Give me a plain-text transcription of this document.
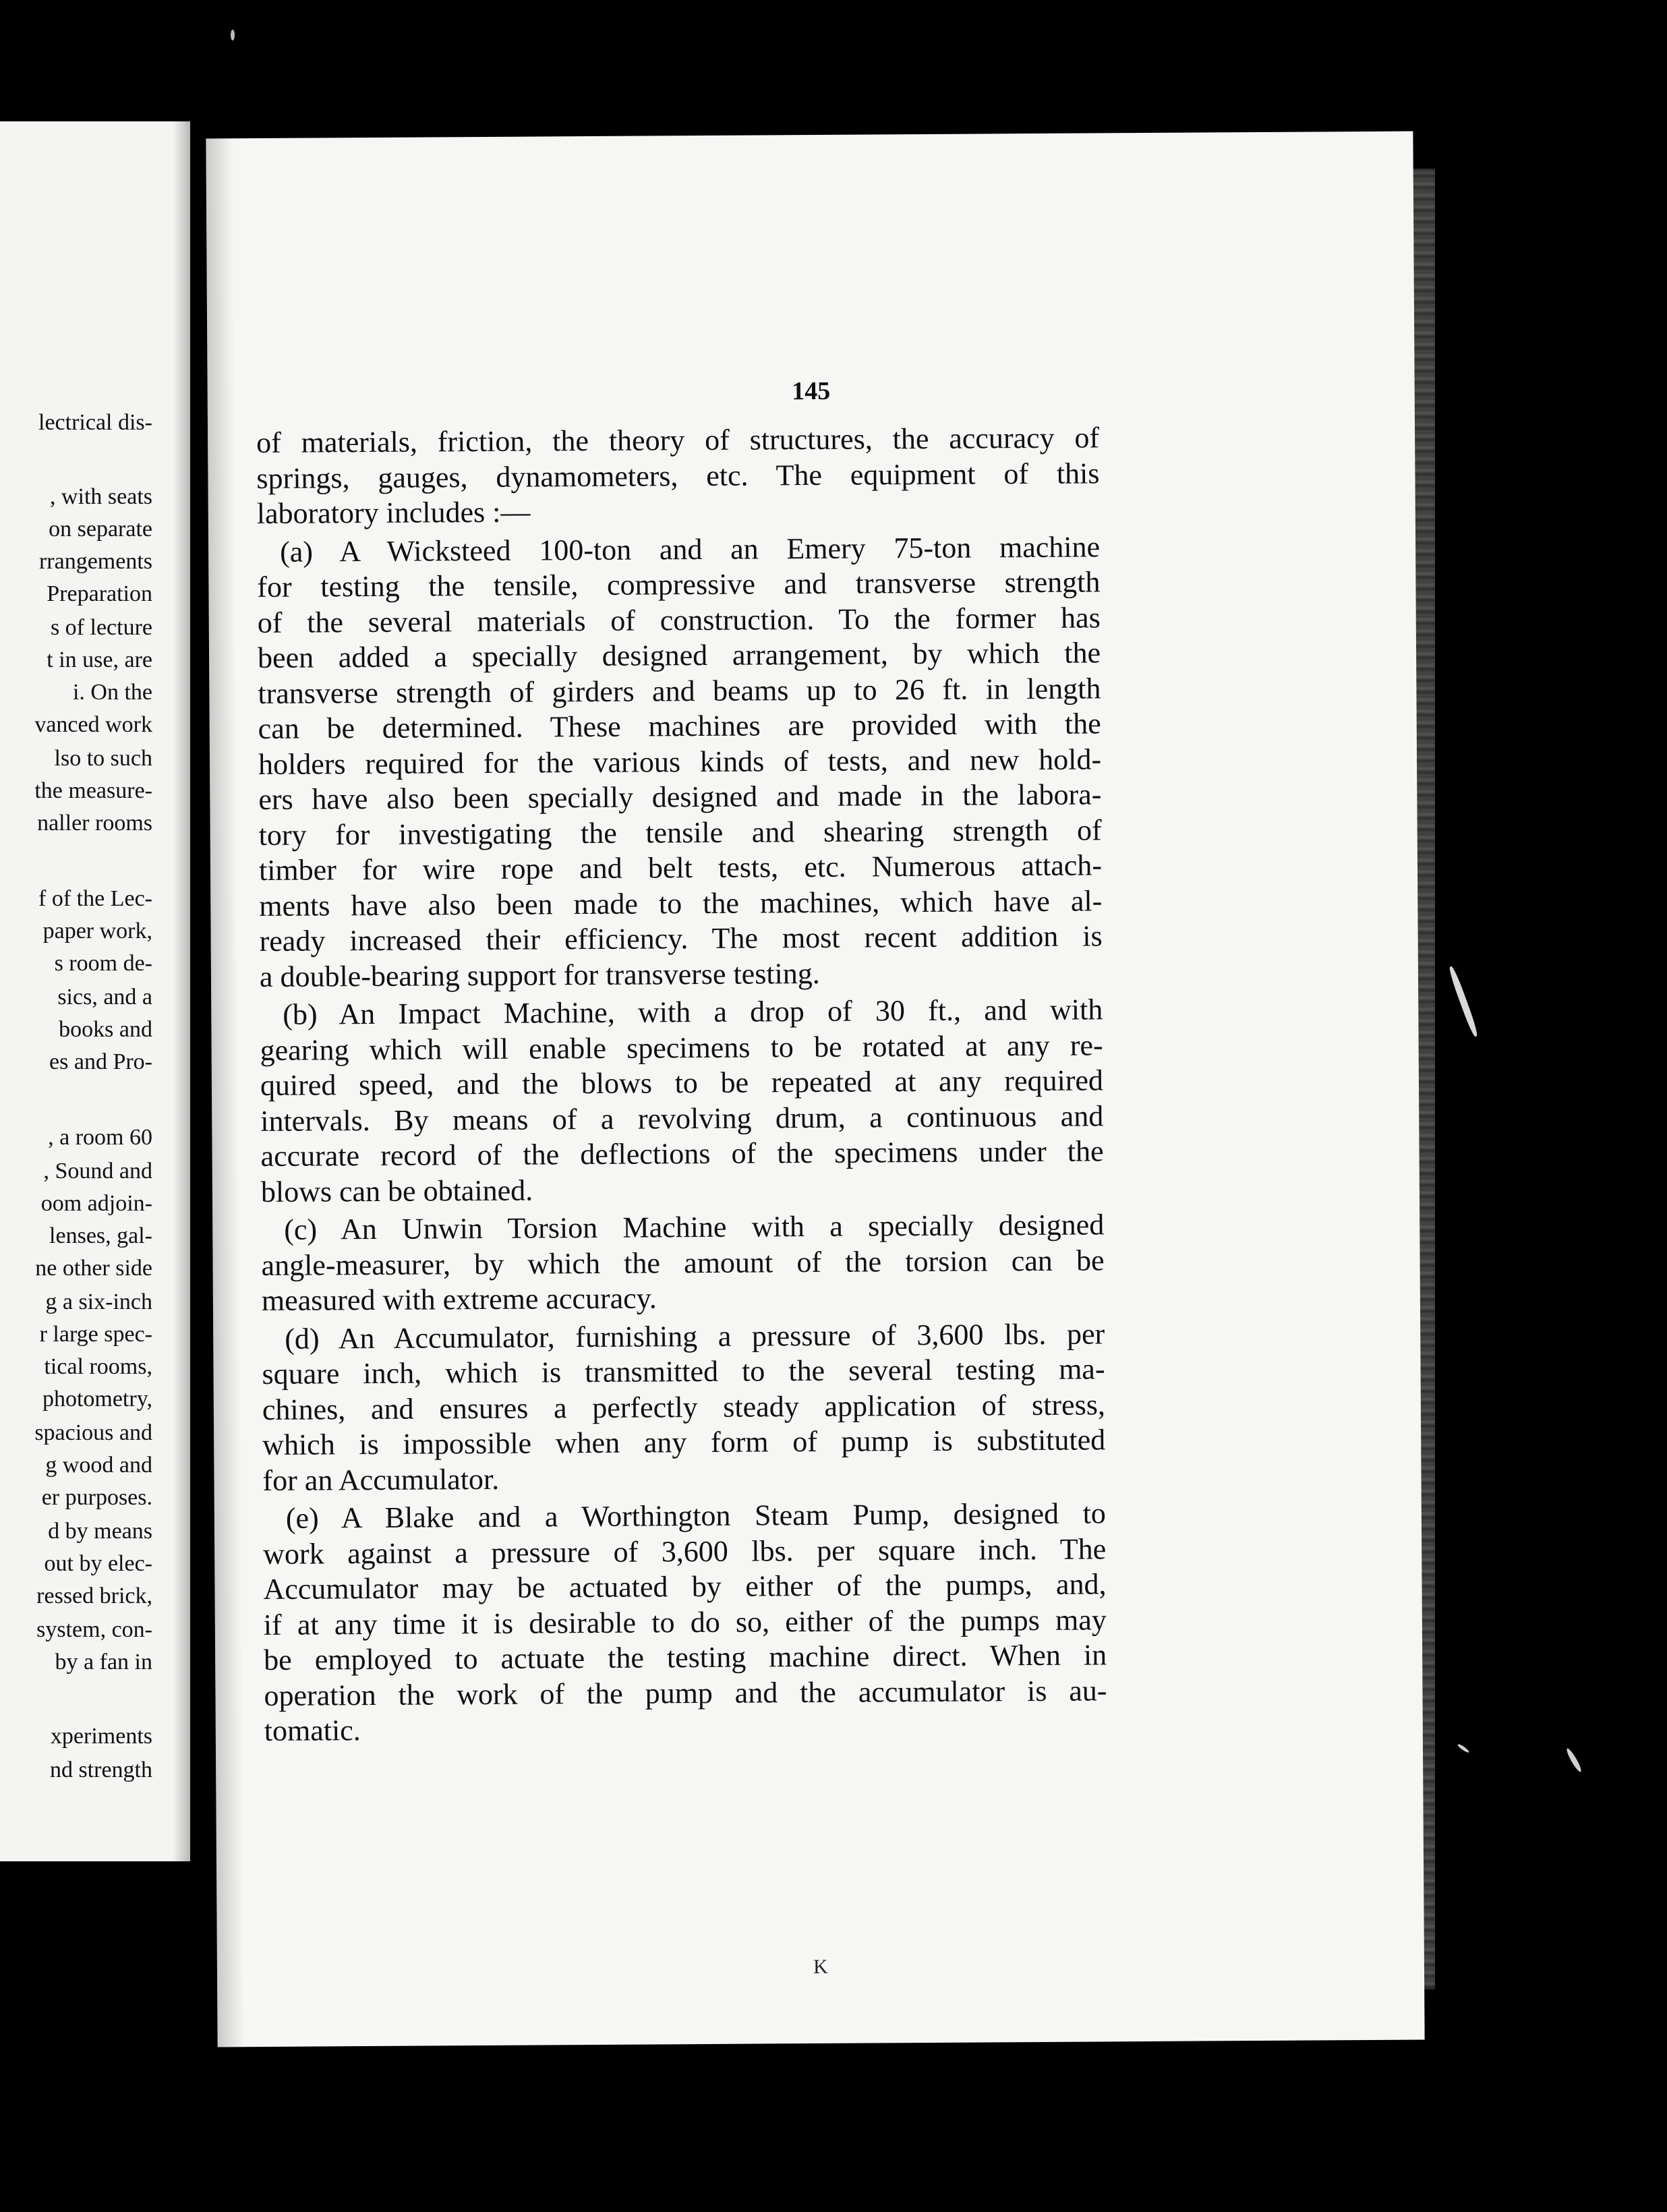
lectrical dis-
, with seats
on separate
rrangements
Preparation
s of lecture
t in use, are
i. On the
vanced work
lso to such
the measure-
naller rooms
f of the Lec-
paper work,
s room de-
sics, and a
books and
es and Pro-
, a room 60
, Sound and
oom adjoin-
lenses, gal-
ne other side
g a six-inch
r large spec-
tical rooms,
photometry,
spacious and
g wood and
er purposes.
d by means
out by elec-
ressed brick,
system, con-
by a fan in
xperiments
nd strength
145
of materials, friction, the theory of structures, the accuracy of
springs, gauges, dynamometers, etc. The equipment of this
laboratory includes :—
(a) A Wicksteed 100-ton and an Emery 75-ton machine
for testing the tensile, compressive and transverse strength
of the several materials of construction. To the former has
been added a specially designed arrangement, by which the
transverse strength of girders and beams up to 26 ft. in length
can be determined. These machines are provided with the
holders required for the various kinds of tests, and new hold-
ers have also been specially designed and made in the labora-
tory for investigating the tensile and shearing strength of
timber for wire rope and belt tests, etc. Numerous attach-
ments have also been made to the machines, which have al-
ready increased their efficiency. The most recent addition is
a double-bearing support for transverse testing.
(b) An Impact Machine, with a drop of 30 ft., and with
gearing which will enable specimens to be rotated at any re-
quired speed, and the blows to be repeated at any required
intervals. By means of a revolving drum, a continuous and
accurate record of the deflections of the specimens under the
blows can be obtained.
(c) An Unwin Torsion Machine with a specially designed
angle-measurer, by which the amount of the torsion can be
measured with extreme accuracy.
(d) An Accumulator, furnishing a pressure of 3,600 lbs. per
square inch, which is transmitted to the several testing ma-
chines, and ensures a perfectly steady application of stress,
which is impossible when any form of pump is substituted
for an Accumulator.
(e) A Blake and a Worthington Steam Pump, designed to
work against a pressure of 3,600 lbs. per square inch. The
Accumulator may be actuated by either of the pumps, and,
if at any time it is desirable to do so, either of the pumps may
be employed to actuate the testing machine direct. When in
operation the work of the pump and the accumulator is au-
tomatic.
K
